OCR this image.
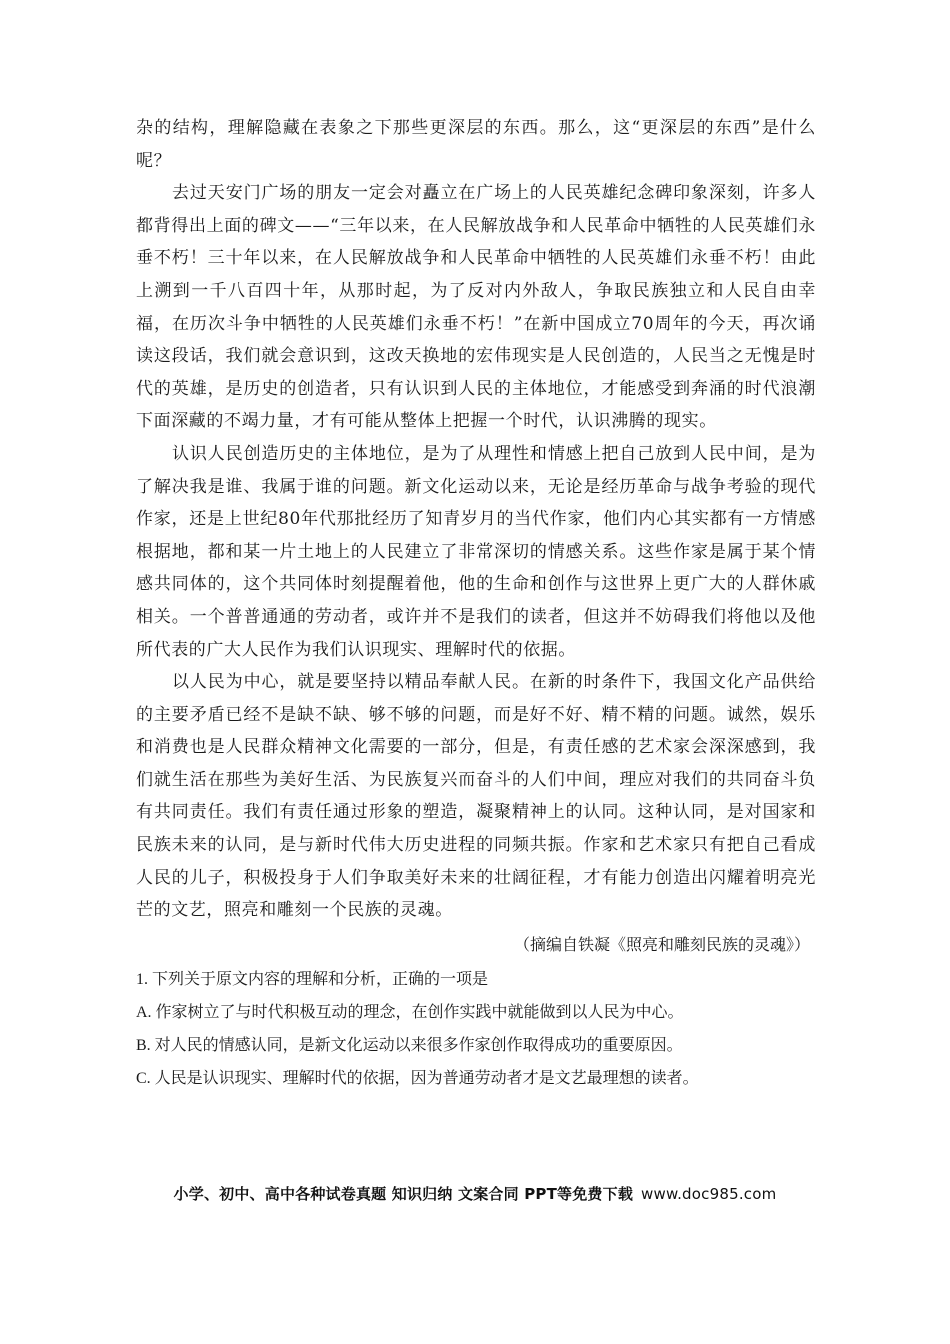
杂的结构，理解隐藏在表象之下那些更深层的东西。那么，这“更深层的东西”是什么呢？

去过天安门广场的朋友一定会对矗立在广场上的人民英雄纪念碑印象深刻，许多人都背得出上面的碑文——“三年以来，在人民解放战争和人民革命中牺牲的人民英雄们永垂不朽！三十年以来，在人民解放战争和人民革命中牺牲的人民英雄们永垂不朽！由此上溯到一千八百四十年，从那时起，为了反对内外敌人，争取民族独立和人民自由幸福，在历次斗争中牺牲的人民英雄们永垂不朽！”在新中国成立70周年的今天，再次诵读这段话，我们就会意识到，这改天换地的宏伟现实是人民创造的，人民当之无愧是时代的英雄，是历史的创造者，只有认识到人民的主体地位，才能感受到奔涌的时代浪潮下面深藏的不竭力量，才有可能从整体上把握一个时代，认识沸腾的现实。

认识人民创造历史的主体地位，是为了从理性和情感上把自己放到人民中间，是为了解决我是谁、我属于谁的问题。新文化运动以来，无论是经历革命与战争考验的现代作家，还是上世纪80年代那批经历了知青岁月的当代作家，他们内心其实都有一方情感根据地，都和某一片土地上的人民建立了非常深切的情感关系。这些作家是属于某个情感共同体的，这个共同体时刻提醒着他，他的生命和创作与这世界上更广大的人群休戚相关。一个普普通通的劳动者，或许并不是我们的读者，但这并不妨碍我们将他以及他所代表的广大人民作为我们认识现实、理解时代的依据。

以人民为中心，就是要坚持以精品奉献人民。在新的时条件下，我国文化产品供给的主要矛盾已经不是缺不缺、够不够的问题，而是好不好、精不精的问题。诚然，娱乐和消费也是人民群众精神文化需要的一部分，但是，有责任感的艺术家会深深感到，我们就生活在那些为美好生活、为民族复兴而奋斗的人们中间，理应对我们的共同奋斗负有共同责任。我们有责任通过形象的塑造，凝聚精神上的认同。这种认同，是对国家和民族未来的认同，是与新时代伟大历史进程的同频共振。作家和艺术家只有把自己看成人民的儿子，积极投身于人们争取美好未来的壮阔征程，才有能力创造出闪耀着明亮光芒的文艺，照亮和雕刻一个民族的灵魂。

（摘编自铁凝《照亮和雕刻民族的灵魂》）

1. 下列关于原文内容的理解和分析，正确的一项是

A. 作家树立了与时代积极互动的理念，在创作实践中就能做到以人民为中心。

B. 对人民的情感认同，是新文化运动以来很多作家创作取得成功的重要原因。

C. 人民是认识现实、理解时代的依据，因为普通劳动者才是文艺最理想的读者。

小学、初中、高中各种试卷真题 知识归纳 文案合同 PPT等免费下载 www.doc985.com
